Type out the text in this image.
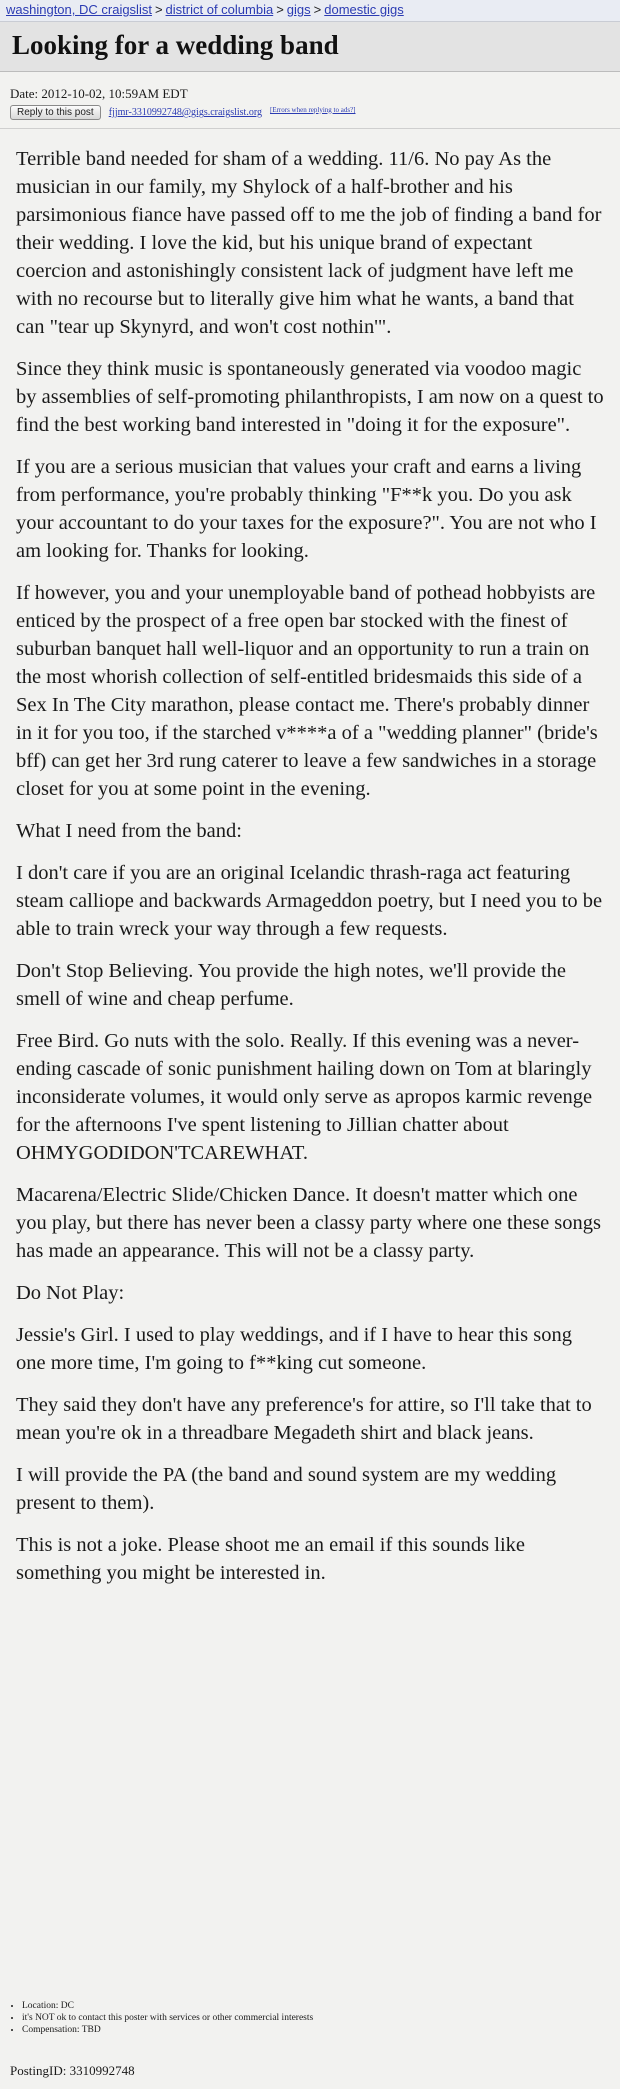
washington, DC craigslist > district of columbia > gigs > domestic gigs
Looking for a wedding band
Date: 2012-10-02, 10:59AM EDT
Reply to this post	fjjmr-3310992748@gigs.craigslist.org [Errors when replying to ads?]

Terrible band needed for sham of a wedding. 11/6. No pay As the musician in our family, my Shylock of a half-brother and his parsimonious fiance have passed off to me the job of finding a band for their wedding. I love the kid, but his unique brand of expectant coercion and astonishingly consistent lack of judgment have left me with no recourse but to literally give him what he wants, a band that can "tear up Skynyrd, and won't cost nothin'".

Since they think music is spontaneously generated via voodoo magic by assemblies of self-promoting philanthropists, I am now on a quest to find the best working band interested in "doing it for the exposure".

If you are a serious musician that values your craft and earns a living from performance, you're probably thinking "F**k you. Do you ask your accountant to do your taxes for the exposure?". You are not who I am looking for. Thanks for looking.

If however, you and your unemployable band of pothead hobbyists are enticed by the prospect of a free open bar stocked with the finest of suburban banquet hall well-liquor and an opportunity to run a train on the most whorish collection of self-entitled bridesmaids this side of a Sex In The City marathon, please contact me. There's probably dinner in it for you too, if the starched v****a of a "wedding planner" (bride's bff) can get her 3rd rung caterer to leave a few sandwiches in a storage closet for you at some point in the evening.

What I need from the band:

I don't care if you are an original Icelandic thrash-raga act featuring steam calliope and backwards Armageddon poetry, but I need you to be able to train wreck your way through a few requests.

Don't Stop Believing. You provide the high notes, we'll provide the smell of wine and cheap perfume.

Free Bird. Go nuts with the solo. Really. If this evening was a never-ending cascade of sonic punishment hailing down on Tom at blaringly inconsiderate volumes, it would only serve as apropos karmic revenge for the afternoons I've spent listening to Jillian chatter about OHMYGODIDON'TCAREWHAT.

Macarena/Electric Slide/Chicken Dance. It doesn't matter which one you play, but there has never been a classy party where one these songs has made an appearance. This will not be a classy party.

Do Not Play:

Jessie's Girl. I used to play weddings, and if I have to hear this song one more time, I'm going to f**king cut someone.

They said they don't have any preference's for attire, so I'll take that to mean you're ok in a threadbare Megadeth shirt and black jeans.

I will provide the PA (the band and sound system are my wedding present to them).

This is not a joke. Please shoot me an email if this sounds like something you might be interested in.

• Location: DC
• it's NOT ok to contact this poster with services or other commercial interests
• Compensation: TBD
PostingID: 3310992748
